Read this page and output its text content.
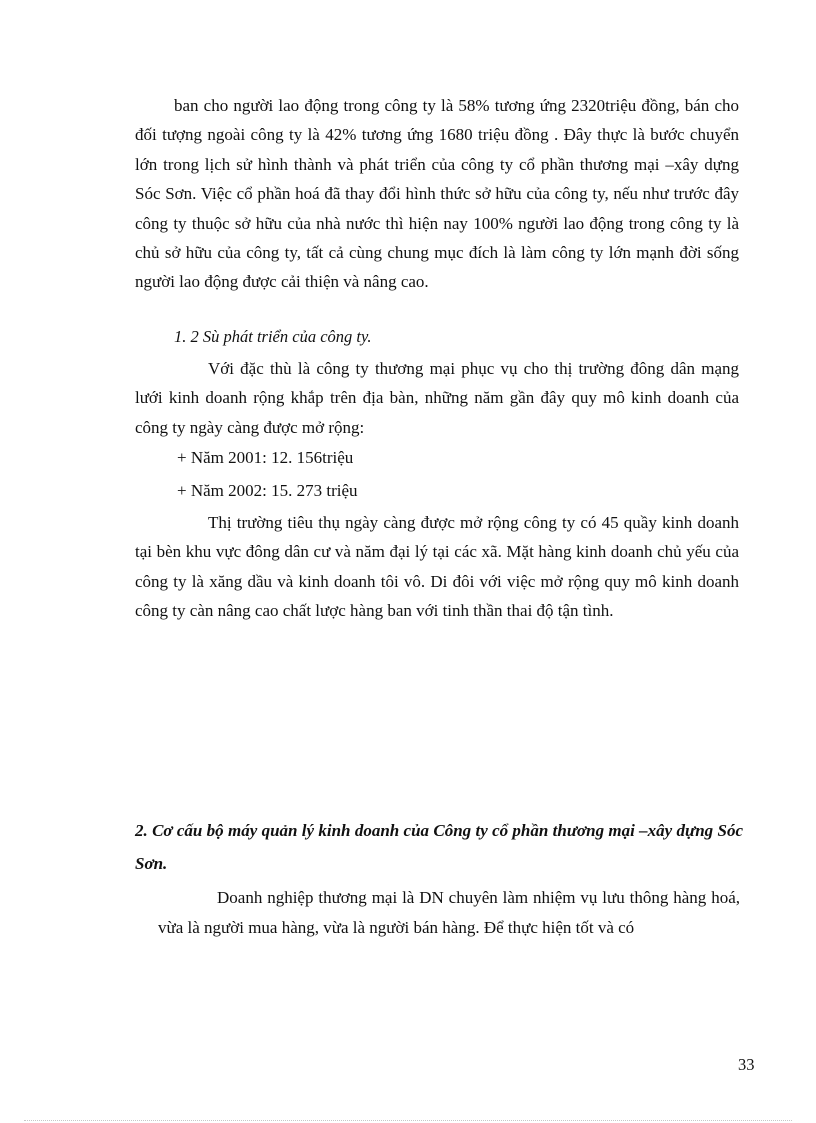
ban cho người lao động trong công ty là 58% tương ứng 2320triệu đồng, bán cho đối tượng ngoài công ty là 42% tương ứng 1680 triệu đồng . Đây thực là bước chuyển lớn trong lịch sử hình thành và phát triển của công ty cổ phần thương mại –xây dựng Sóc Sơn. Việc cổ phần hoá đã thay đổi hình thức sở hữu của công ty, nếu như trước đây công ty thuộc sở hữu của nhà nước thì hiện nay 100% người lao động trong công ty là chủ sở hữu của công ty, tất cả cùng chung mục đích là làm công ty lớn mạnh đời sống người lao động được cải thiện và nâng cao.

1. 2 Sù phát triển của công ty.

Với đặc thù là công ty thương mại phục vụ cho thị trường đông dân mạng lưới kinh doanh rộng khắp trên địa bàn, những năm gần đây quy mô kinh doanh của công ty ngày càng được mở rộng:

+ Năm 2001: 12. 156triệu

+ Năm 2002: 15. 273 triệu

Thị trường tiêu thụ ngày càng được mở rộng công ty có 45 quầy kinh doanh tại bèn khu vực đông dân cư và năm đại lý tại các xã. Mặt hàng kinh doanh chủ yếu của công ty là xăng dầu và kinh doanh tôi vô. Di đôi với việc mở rộng quy mô kinh doanh công ty càn nâng cao chất lược hàng ban với tinh thần thai độ tận tình.

2. Cơ cấu bộ máy quản lý kinh doanh của Công ty cổ phần thương mại –xây dựng Sóc Sơn.

Doanh nghiệp thương mại là DN chuyên làm nhiệm vụ lưu thông hàng hoá, vừa là người mua hàng, vừa là người bán hàng. Để thực hiện tốt và có

33
